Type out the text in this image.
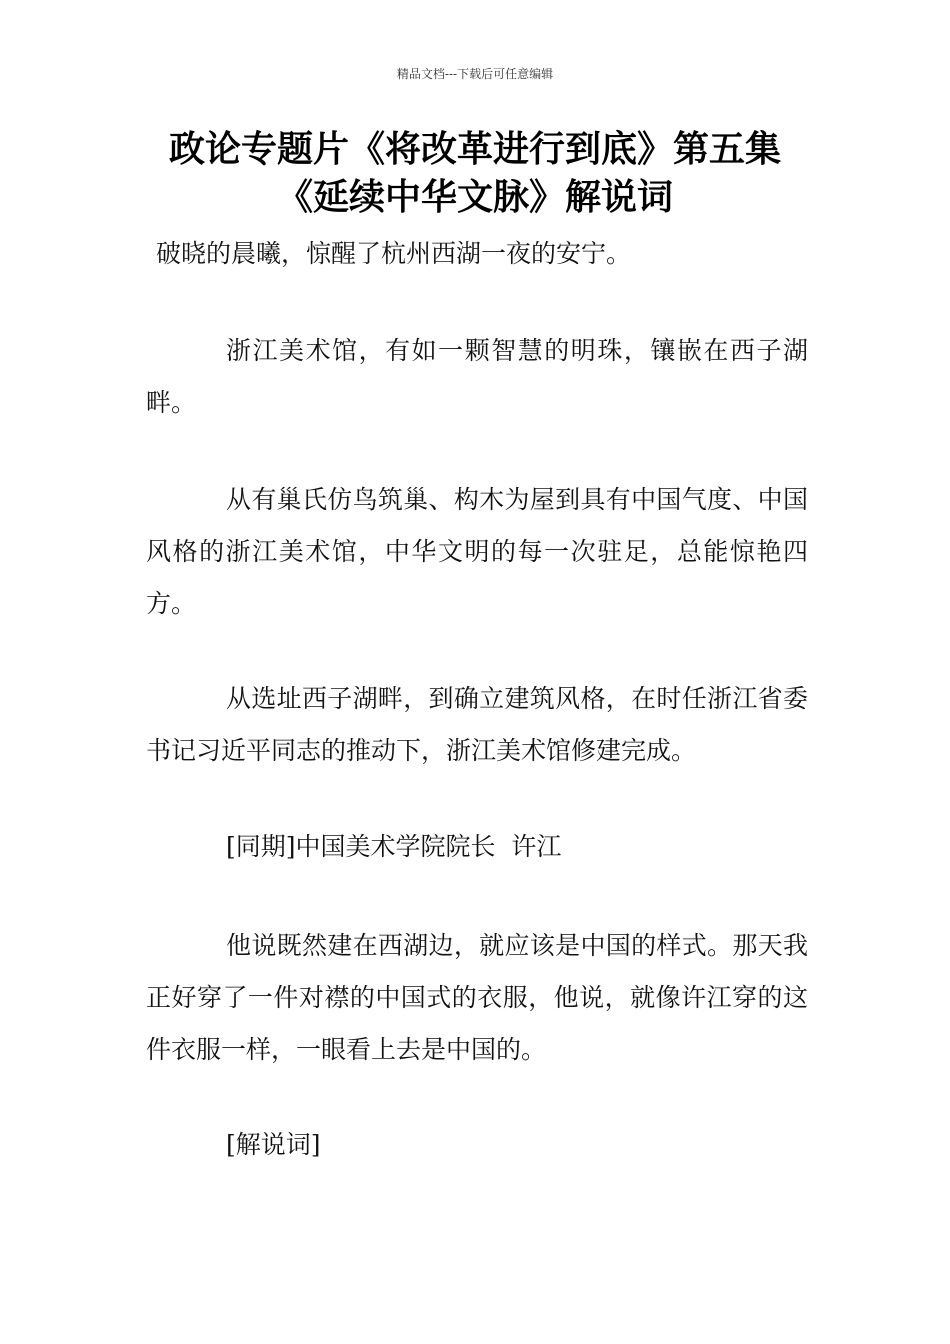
精品文档---下载后可任意编辑
政论专题片《将改革进行到底》第五集
《延续中华文脉》解说词

破晓的晨曦，惊醒了杭州西湖一夜的安宁。

浙江美术馆，有如一颗智慧的明珠，镶嵌在西子湖畔。

从有巢氏仿鸟筑巢、构木为屋到具有中国气度、中国风格的浙江美术馆，中华文明的每一次驻足，总能惊艳四方。

从选址西子湖畔，到确立建筑风格，在时任浙江省委书记习近平同志的推动下，浙江美术馆修建完成。

[同期]中国美术学院院长  许江

他说既然建在西湖边，就应该是中国的样式。那天我正好穿了一件对襟的中国式的衣服，他说，就像许江穿的这件衣服一样，一眼看上去是中国的。

[解说词]
